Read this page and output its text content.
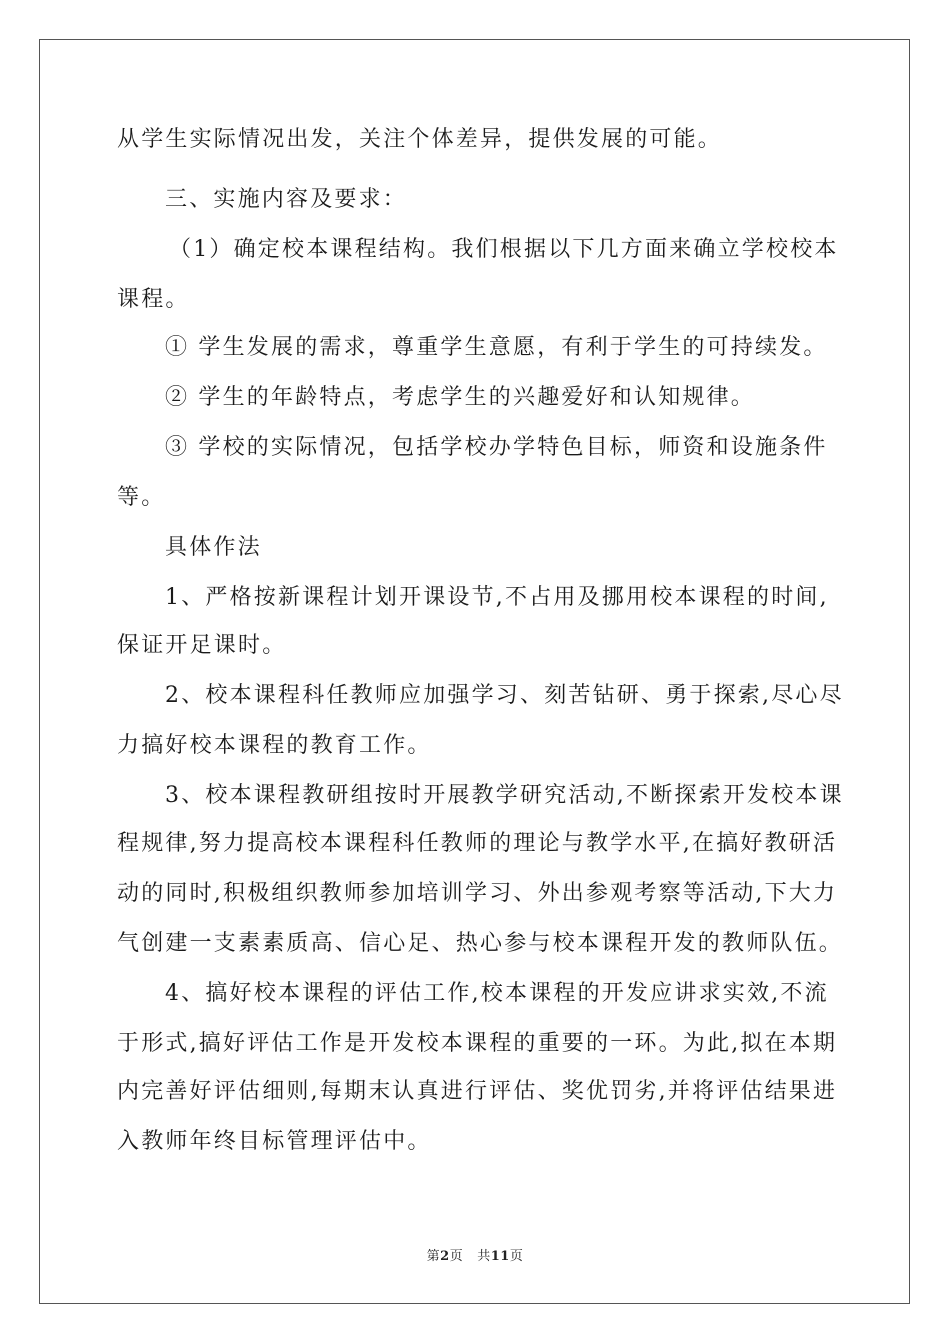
从学生实际情况出发，关注个体差异，提供发展的可能。
三、实施内容及要求：
（1）确定校本课程结构。我们根据以下几方面来确立学校校本
课程。
① 学生发展的需求，尊重学生意愿，有利于学生的可持续发。
② 学生的年龄特点，考虑学生的兴趣爱好和认知规律。
③ 学校的实际情况，包括学校办学特色目标，师资和设施条件
等。
具体作法
1、严格按新课程计划开课设节,不占用及挪用校本课程的时间,
保证开足课时。
2、校本课程科任教师应加强学习、刻苦钻研、勇于探索,尽心尽
力搞好校本课程的教育工作。
3、校本课程教研组按时开展教学研究活动,不断探索开发校本课
程规律,努力提高校本课程科任教师的理论与教学水平,在搞好教研活
动的同时,积极组织教师参加培训学习、外出参观考察等活动,下大力
气创建一支素素质高、信心足、热心参与校本课程开发的教师队伍。
4、搞好校本课程的评估工作,校本课程的开发应讲求实效,不流
于形式,搞好评估工作是开发校本课程的重要的一环。为此,拟在本期
内完善好评估细则,每期末认真进行评估、奖优罚劣,并将评估结果进
入教师年终目标管理评估中。
第2页 共11页
